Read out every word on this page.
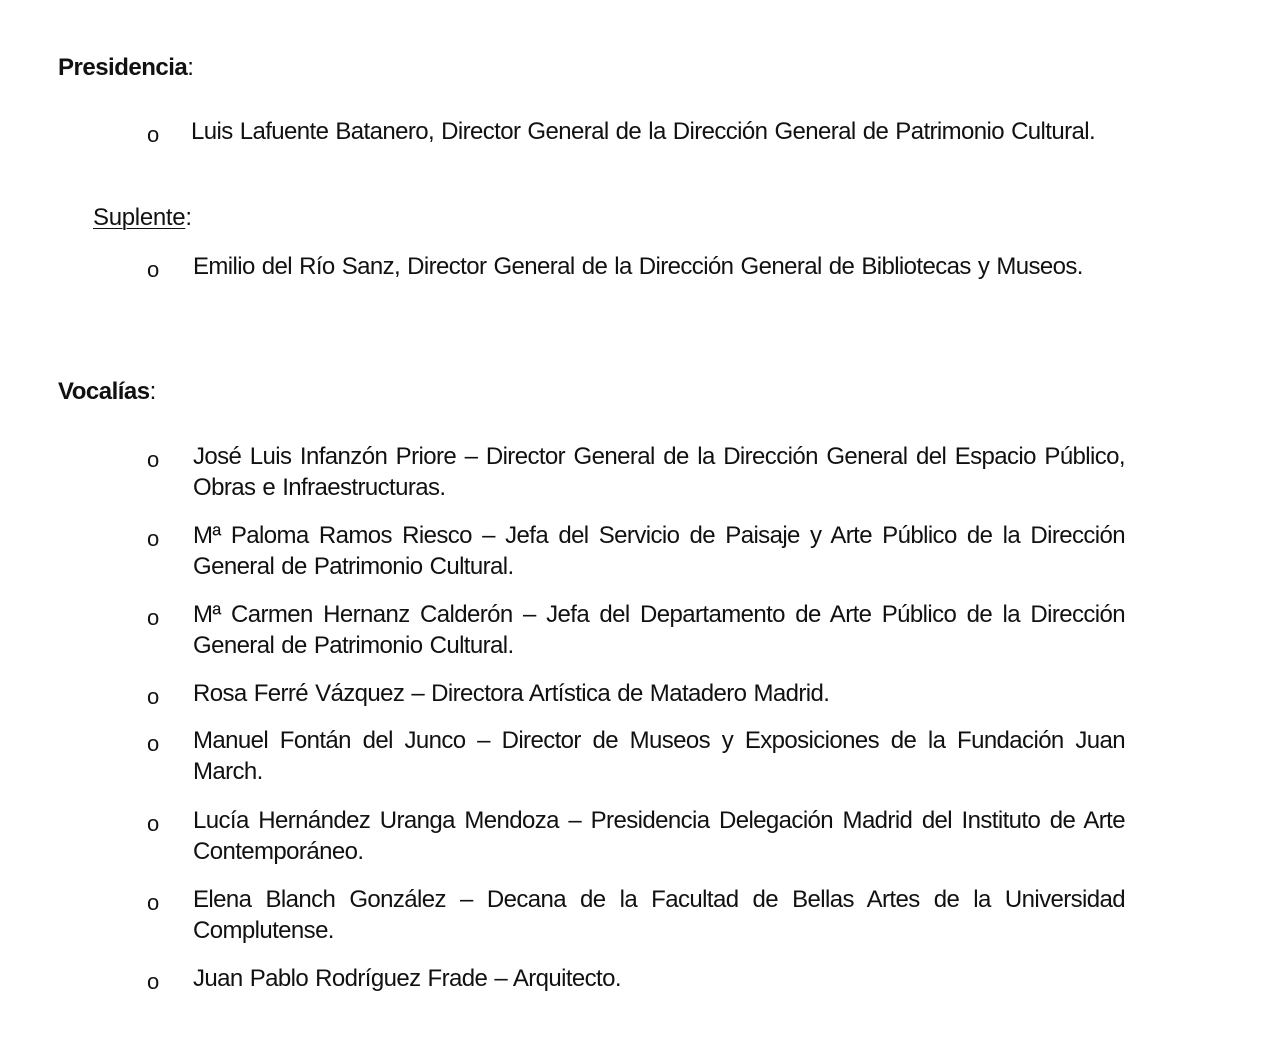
Presidencia:
o Luis Lafuente Batanero, Director General de la Dirección General de Patrimonio Cultural.
Suplente:
o Emilio del Río Sanz, Director General de la Dirección General de Bibliotecas y Museos.
Vocalías:
o José Luis Infanzón Priore – Director General de la Dirección General del Espacio Público, Obras e Infraestructuras.
o Mª Paloma Ramos Riesco – Jefa del Servicio de Paisaje y Arte Público de la Dirección General de Patrimonio Cultural.
o Mª Carmen Hernanz Calderón – Jefa del Departamento de Arte Público de la Dirección General de Patrimonio Cultural.
o Rosa Ferré Vázquez – Directora Artística de Matadero Madrid.
o Manuel Fontán del Junco – Director de Museos y Exposiciones de la Fundación Juan March.
o Lucía Hernández Uranga Mendoza – Presidencia Delegación Madrid del Instituto de Arte Contemporáneo.
o Elena Blanch González – Decana de la Facultad de Bellas Artes de la Universidad Complutense.
o Juan Pablo Rodríguez Frade – Arquitecto.
